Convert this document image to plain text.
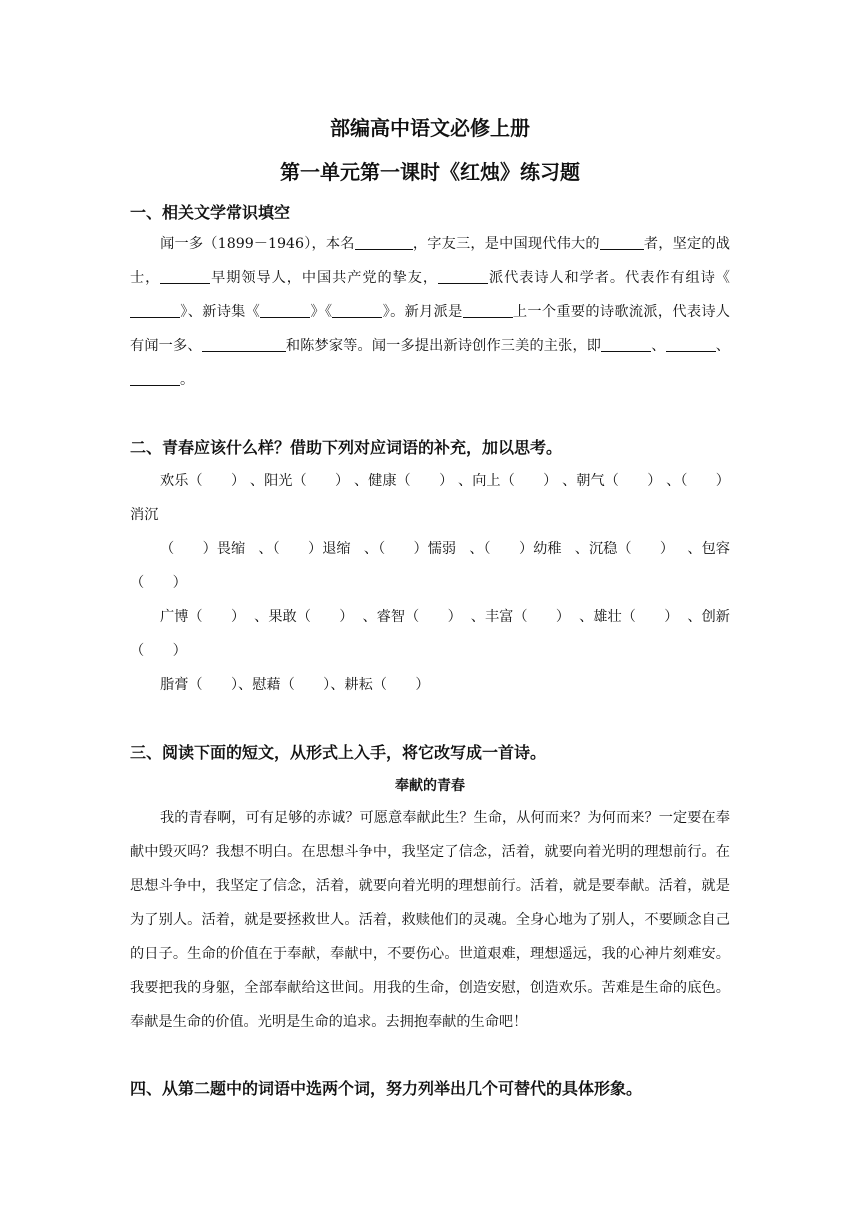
部编高中语文必修上册
第一单元第一课时《红烛》练习题
一、相关文学常识填空

闻一多（1899－1946），本名	，字友三，是中国现代伟大的	者，坚定的战士，	早期领导人，中国共产党的挚友，	派代表诗人和学者。代表作有组诗《》、新诗集《	》《	》。新月派是	上一个重要的诗歌流派，代表诗人有闻一多、	和陈梦家等。闻一多提出新诗创作三美的主张，即	、	、。

二、青春应该什么样？借助下列对应词语的补充，加以思考。
欢乐（　　） 、阳光（　　） 、健康（　　） 、向上（　　） 、朝气（　　） 、（　　）
消沉
（　　）畏缩 、（　　）退缩 、（　　）懦弱 、（　　）幼稚 、沉稳（　　） 、包容
（　　）
广博（　　） 、果敢（　　） 、睿智（　　） 、丰富（　　） 、雄壮（　　） 、创新
（　　）
脂膏（　　）、慰藉（　　）、耕耘（　　）
三、阅读下面的短文，从形式上入手，将它改写成一首诗。
奉献的青春

我的青春啊，可有足够的赤诚？可愿意奉献此生？生命，从何而来？为何而来？一定要在奉献中毁灭吗？我想不明白。在思想斗争中，我坚定了信念，活着，就要向着光明的理想前行。在思想斗争中，我坚定了信念，活着，就要向着光明的理想前行。活着，就是要奉献。活着，就是为了别人。活着，就是要拯救世人。活着，救赎他们的灵魂。全身心地为了别人，不要顾念自己的日子。生命的价值在于奉献，奉献中，不要伤心。世道艰难，理想遥远，我的心神片刻难安。我要把我的身躯，全部奉献给这世间。用我的生命，创造安慰，创造欢乐。苦难是生命的底色。奉献是生命的价值。光明是生命的追求。去拥抱奉献的生命吧！

四、从第二题中的词语中选两个词，努力列举出几个可替代的具体形象。
